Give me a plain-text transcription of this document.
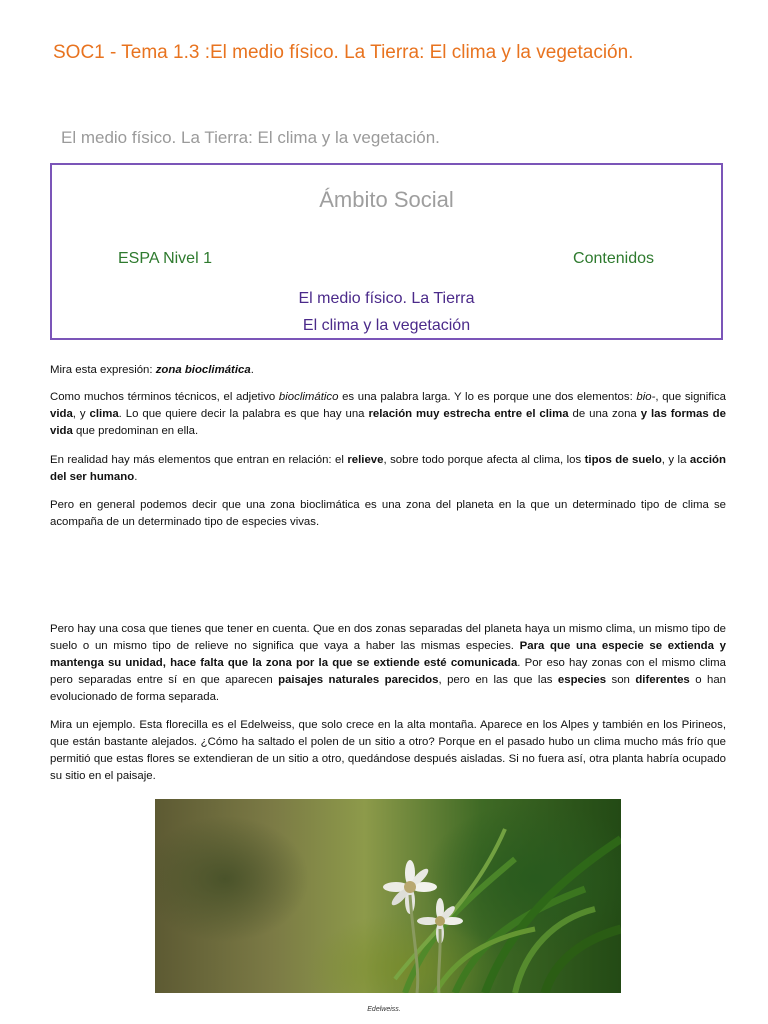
SOC1 - Tema 1.3 :El medio físico. La Tierra: El clima y la vegetación.
El medio físico. La Tierra: El clima y la vegetación.
Ámbito Social
ESPA Nivel 1	Contenidos
El medio físico. La Tierra
El clima y la vegetación

Mira esta expresión: zona bioclimática.

Como muchos términos técnicos, el adjetivo bioclimático es una palabra larga. Y lo es porque une dos elementos: bio-, que significa vida, y clima. Lo que quiere decir la palabra es que hay una relación muy estrecha entre el clima de una zona y las formas de vida que predominan en ella.

En realidad hay más elementos que entran en relación: el relieve, sobre todo porque afecta al clima, los tipos de suelo, y la acción del ser humano.

Pero en general podemos decir que una zona bioclimática es una zona del planeta en la que un determinado tipo de clima se acompaña de un determinado tipo de especies vivas.

Pero hay una cosa que tienes que tener en cuenta. Que en dos zonas separadas del planeta haya un mismo clima, un mismo tipo de suelo o un mismo tipo de relieve no significa que vaya a haber las mismas especies. Para que una especie se extienda y mantenga su unidad, hace falta que la zona por la que se extiende esté comunicada. Por eso hay zonas con el mismo clima pero separadas entre sí en que aparecen paisajes naturales parecidos, pero en las que las especies son diferentes o han evolucionado de forma separada.

Mira un ejemplo. Esta florecilla es el Edelweiss, que solo crece en la alta montaña. Aparece en los Alpes y también en los Pirineos, que están bastante alejados. ¿Cómo ha saltado el polen de un sitio a otro? Porque en el pasado hubo un clima mucho más frío que permitió que estas flores se extendieran de un sitio a otro, quedándose después aisladas. Si no fuera así, otra planta habría ocupado su sitio en el paisaje.

Edelweiss.
